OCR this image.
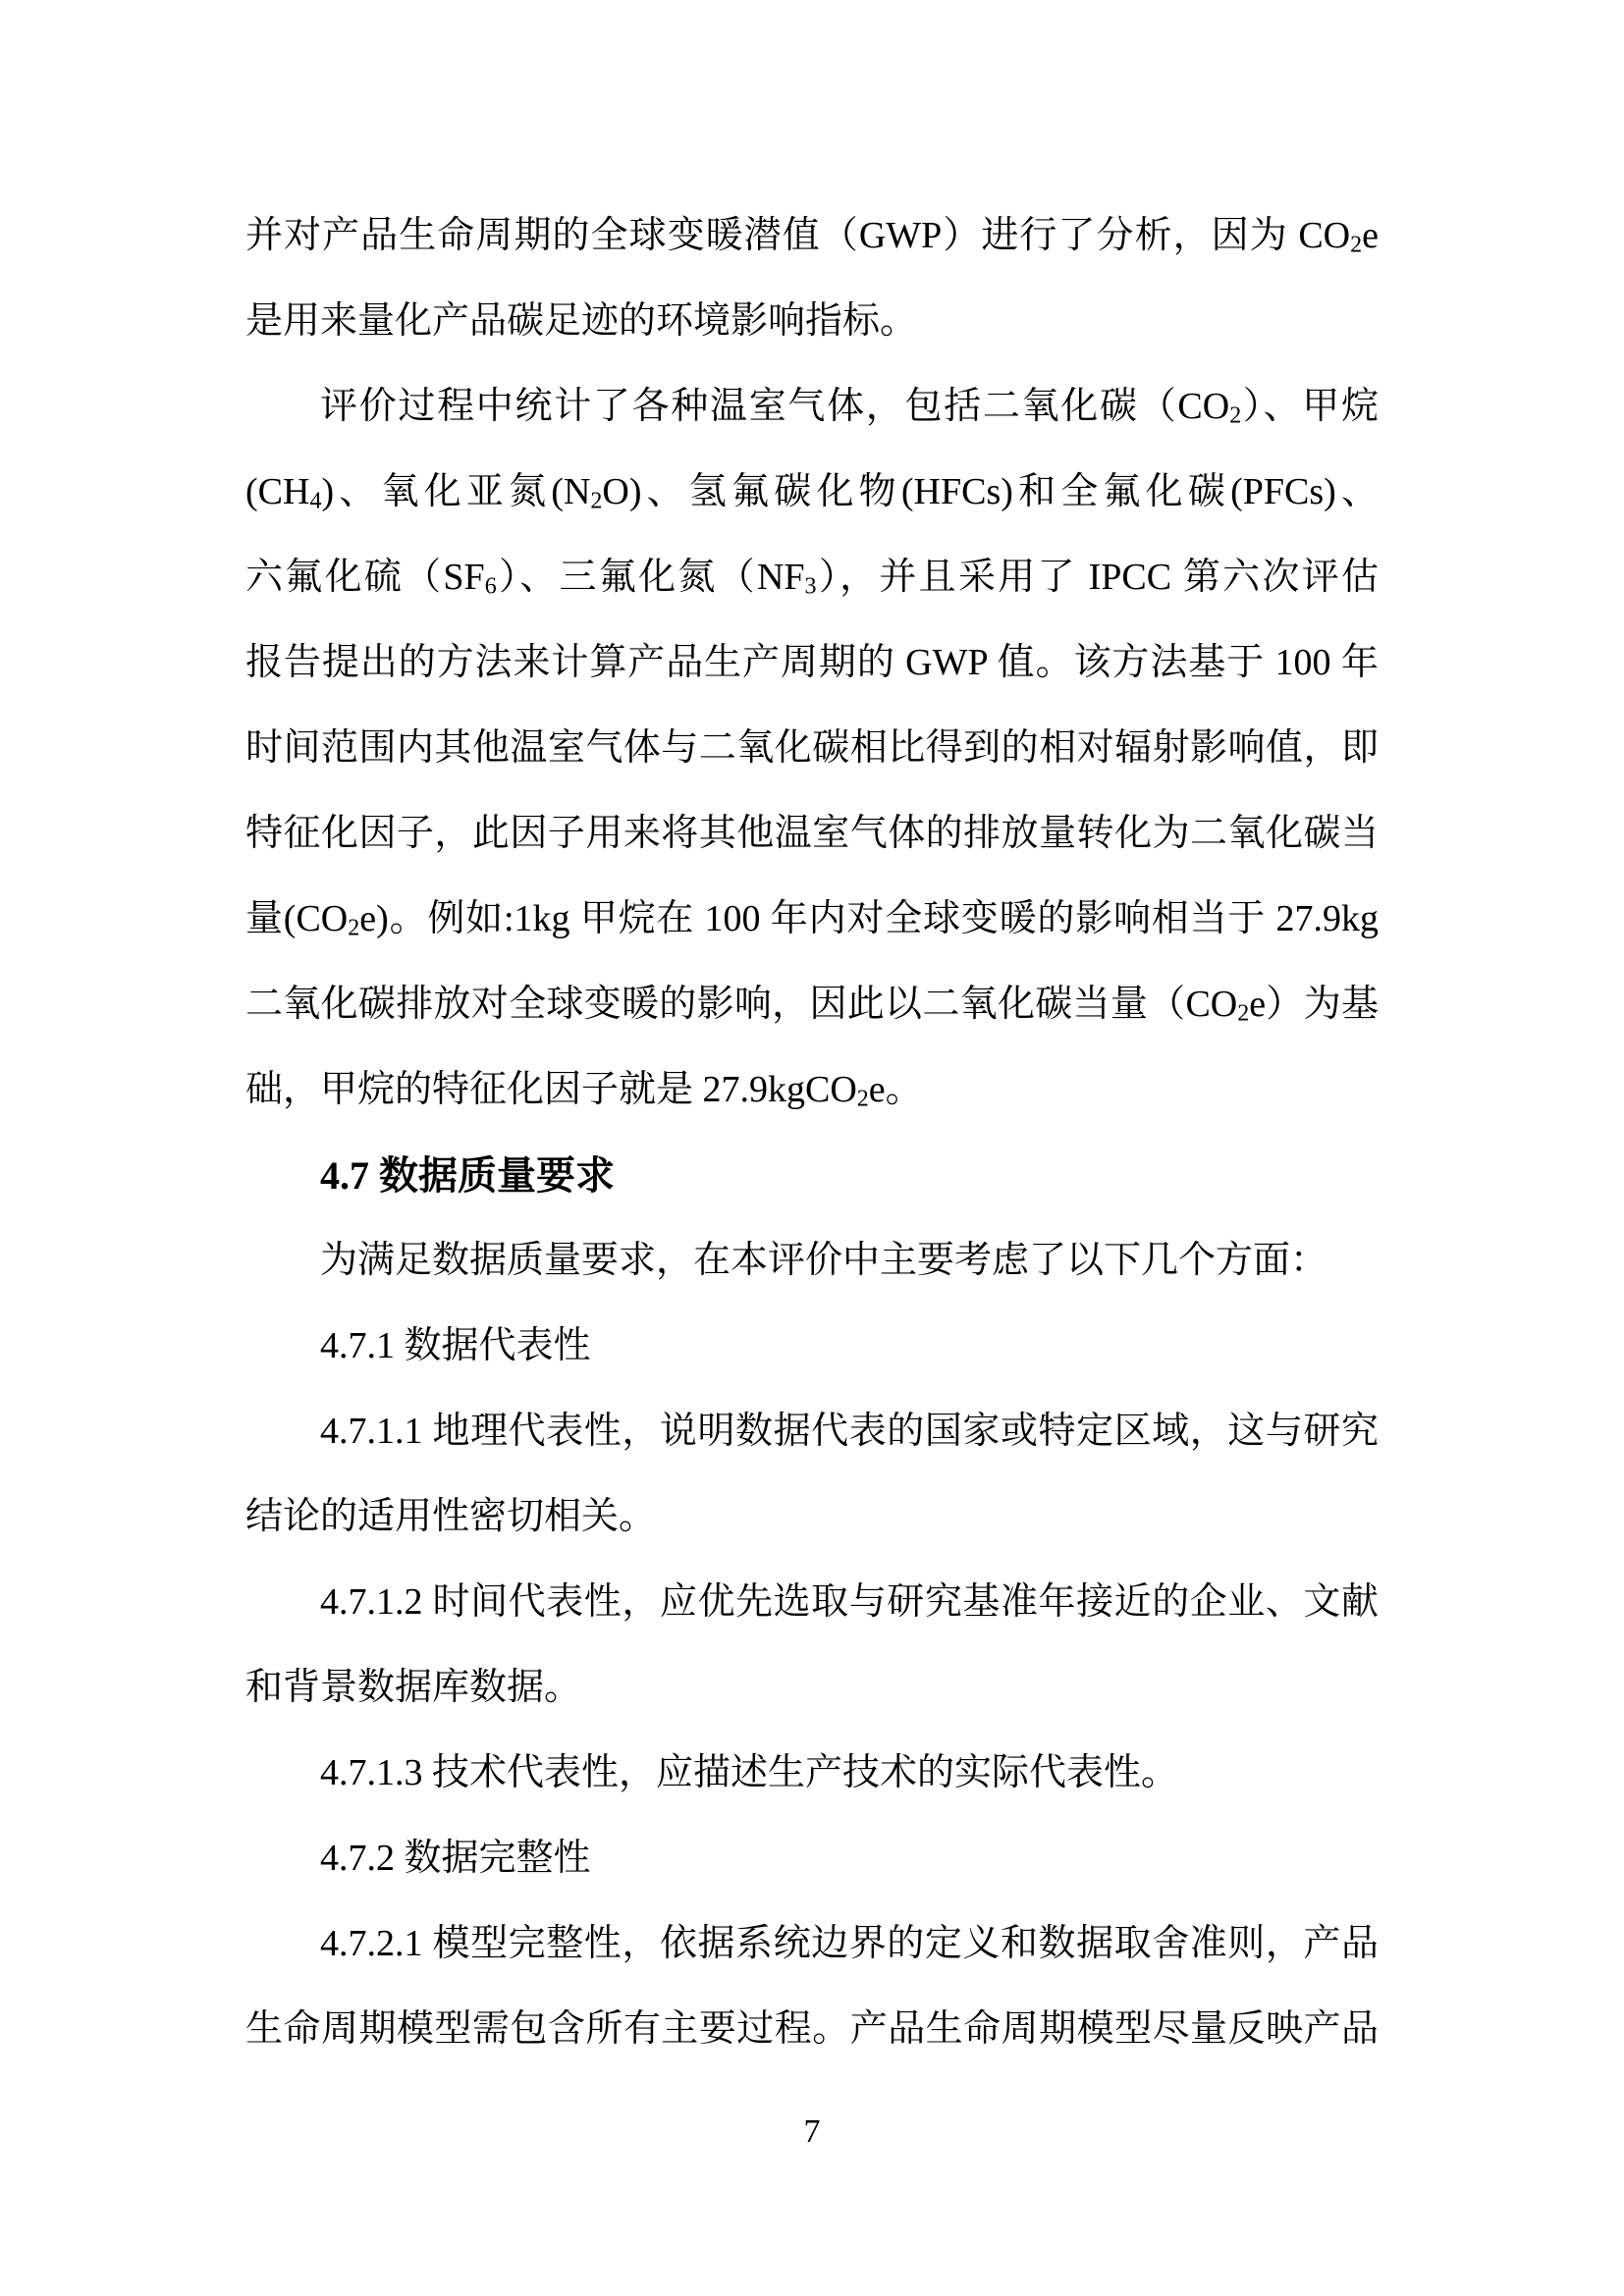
并对产品生命周期的全球变暖潜值（GWP）进行了分析，因为 $CO_2e$
是用来量化产品碳足迹的环境影响指标。
评价过程中统计了各种温室气体，包括二氧化碳$(CO_2)$、甲烷
$(CH_4)$、氧化亚氮$(N_2O)$、氢氟碳化物(HFCs)和全氟化碳(PFCs)、
六氟化硫$(SF_6)$、三氟化氮$(NF_3)$，并且采用了 IPCC 第六次评估
报告提出的方法来计算产品生产周期的 GWP 值。该方法基于 100 年
时间范围内其他温室气体与二氧化碳相比得到的相对辐射影响值，即
特征化因子，此因子用来将其他温室气体的排放量转化为二氧化碳当
量$(CO_2e)$。例如:1kg 甲烷在 100 年内对全球变暖的影响相当于 27.9kg
二氧化碳排放对全球变暖的影响，因此以二氧化碳当量$(CO_2e)$为基
础，甲烷的特征化因子就是 27.9kgCO$_2$e。
4.7 数据质量要求
为满足数据质量要求，在本评价中主要考虑了以下几个方面：
4.7.1 数据代表性
4.7.1.1 地理代表性，说明数据代表的国家或特定区域，这与研究
结论的适用性密切相关。
4.7.1.2 时间代表性，应优先选取与研究基准年接近的企业、文献
和背景数据库数据。
4.7.1.3 技术代表性，应描述生产技术的实际代表性。
4.7.2 数据完整性
4.7.2.1 模型完整性，依据系统边界的定义和数据取舍准则，产品
生命周期模型需包含所有主要过程。产品生命周期模型尽量反映产品
7
